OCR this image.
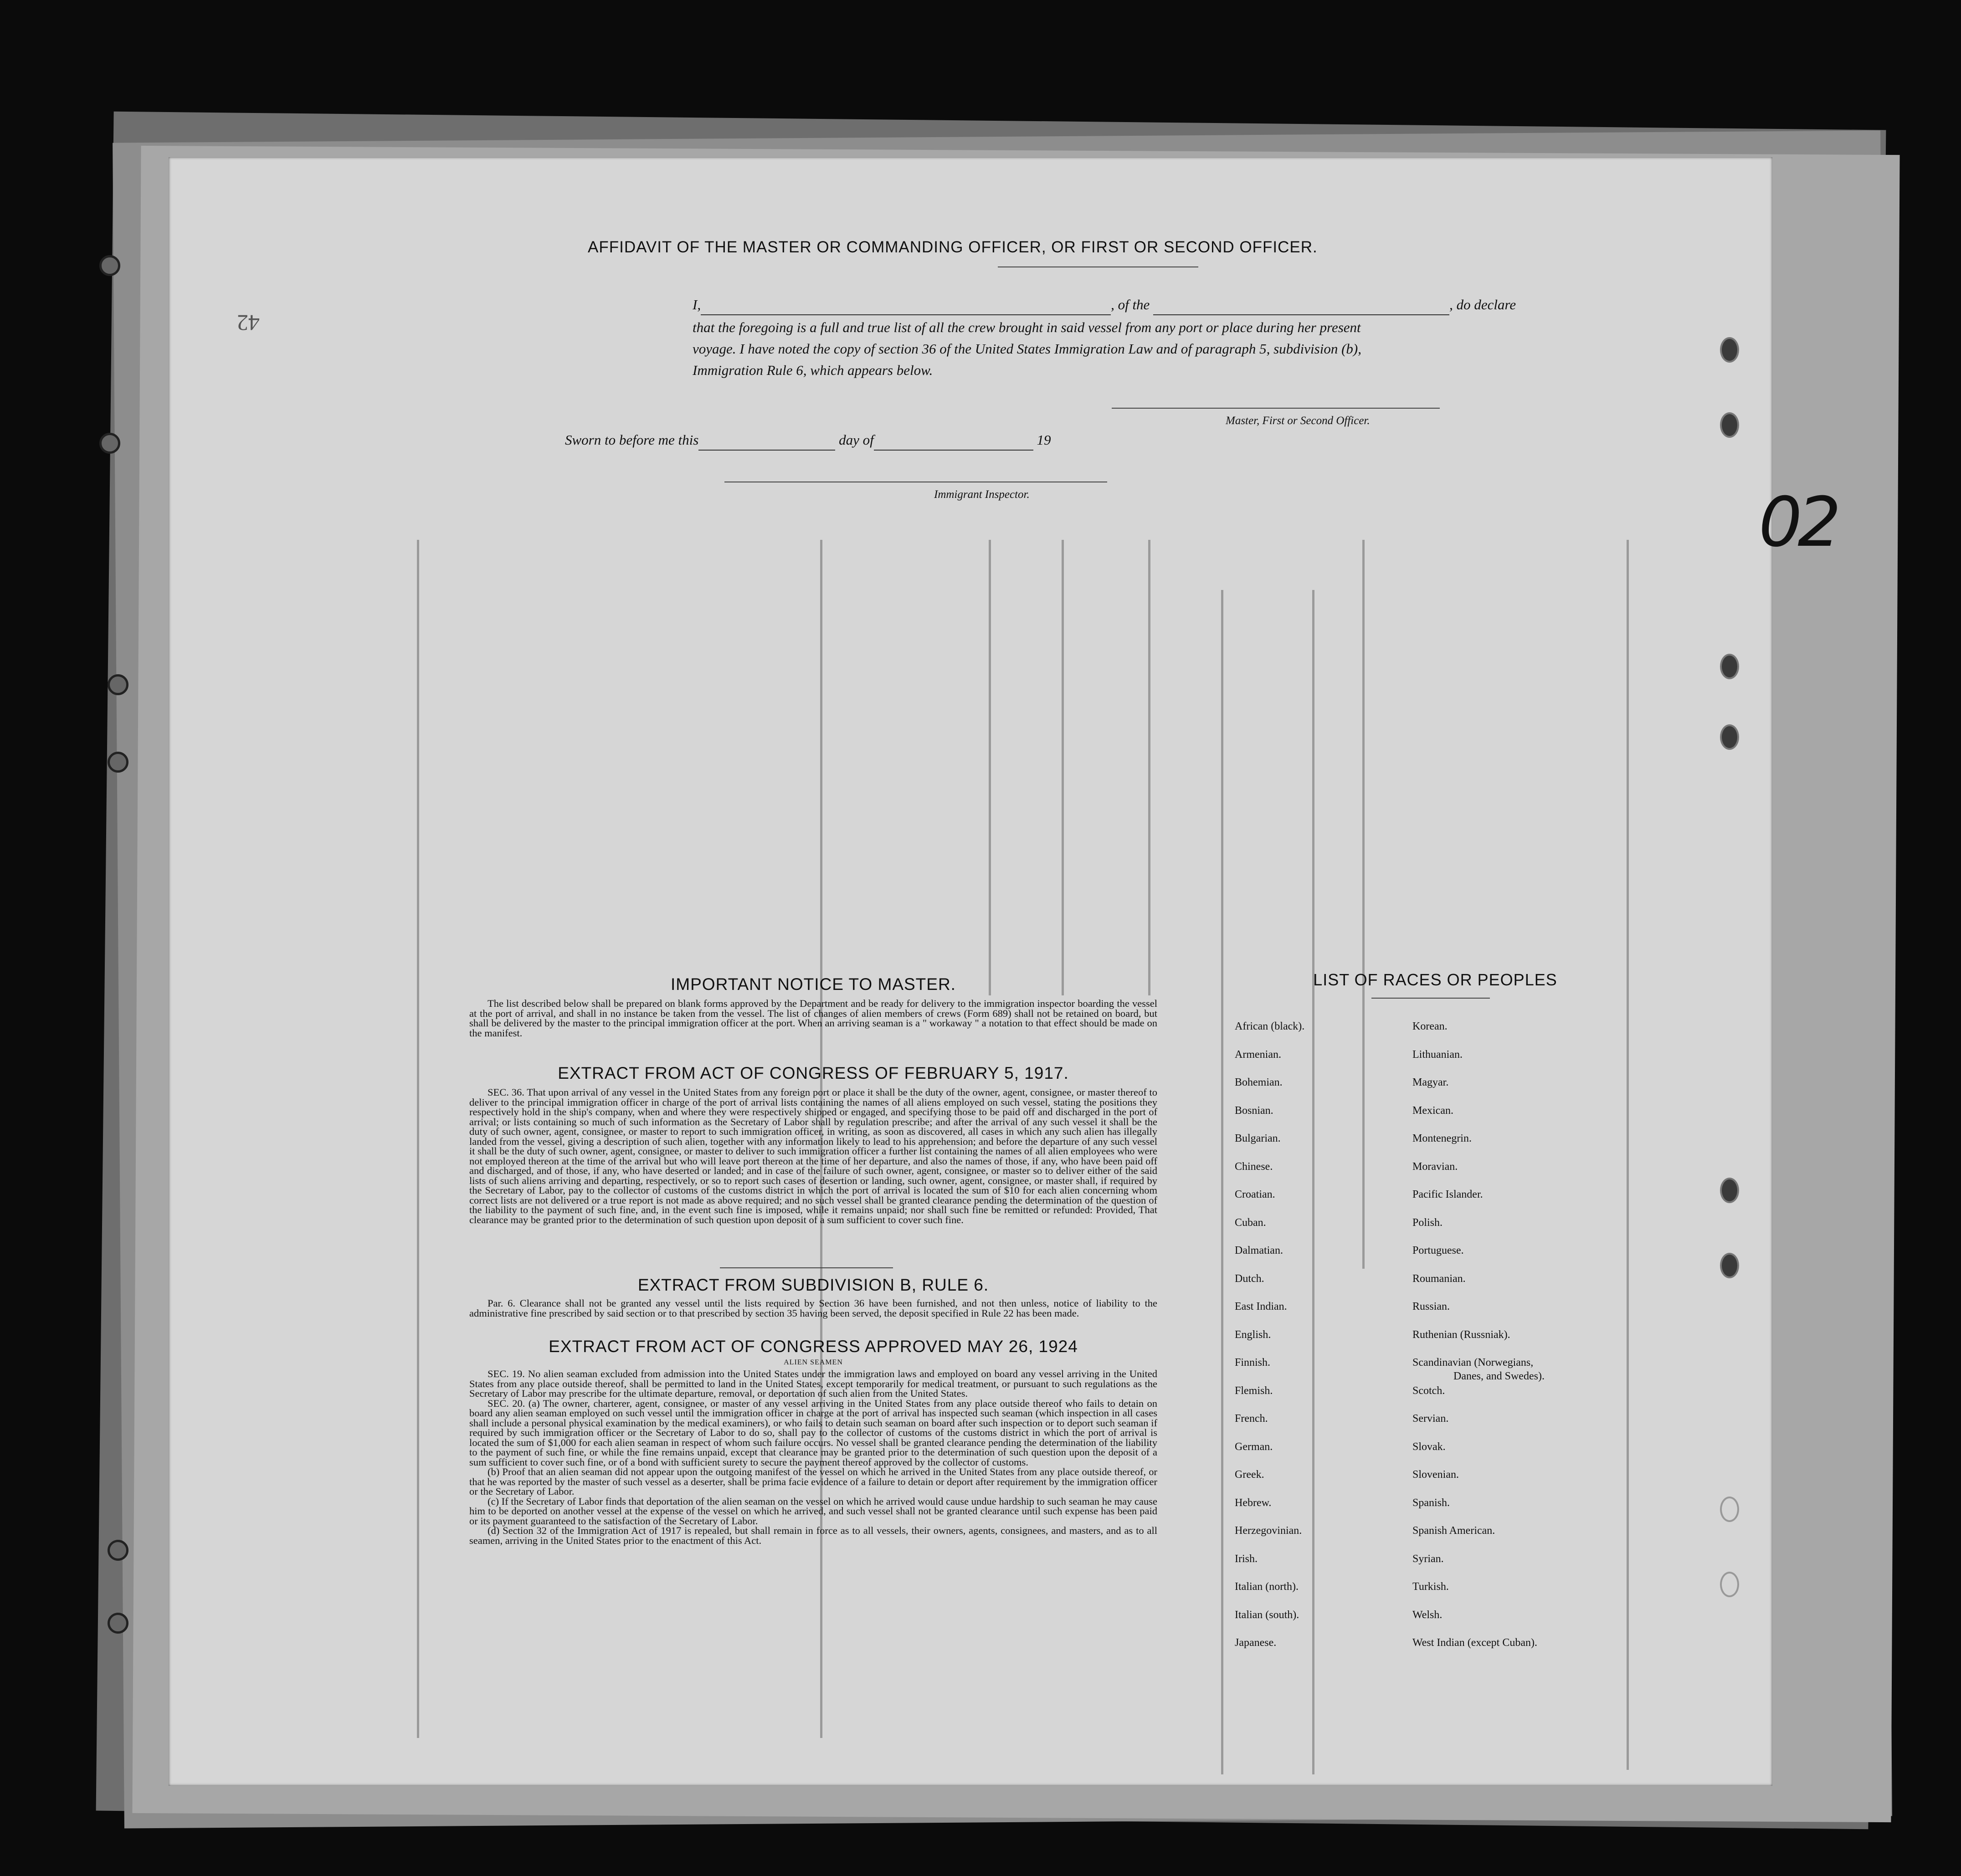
42
AFFIDAVIT OF THE MASTER OR COMMANDING OFFICER, OR FIRST OR SECOND OFFICER.
I,	, of the	, do declare
that the foregoing is a full and true list of all the crew brought in said vessel from any port or place during her present
voyage. I have noted the copy of section 36 of the United States Immigration Law and of paragraph 5, subdivision (b),
Immigration Rule 6, which appears below.
Master, First or Second Officer.
Sworn to before me this	day of	19
Immigrant Inspector.
IMPORTANT NOTICE TO MASTER.

The list described below shall be prepared on blank forms approved by the Department and be ready for delivery to the immigration inspector boarding the vessel at the port of arrival, and shall in no instance be taken from the vessel. The list of changes of alien members of crews (Form 689) shall not be retained on board, but shall be delivered by the master to the principal immigration officer at the port. When an arriving seaman is a " workaway " a notation to that effect should be made on the manifest.

EXTRACT FROM ACT OF CONGRESS OF FEBRUARY 5, 1917.

SEC. 36. That upon arrival of any vessel in the United States from any foreign port or place it shall be the duty of the owner, agent, consignee, or master thereof to deliver to the principal immigration officer in charge of the port of arrival lists containing the names of all aliens employed on such vessel, stating the positions they respectively hold in the ship's company, when and where they were respectively shipped or engaged, and specifying those to be paid off and discharged in the port of arrival; or lists containing so much of such information as the Secretary of Labor shall by regulation prescribe; and after the arrival of any such vessel it shall be the duty of such owner, agent, consignee, or master to report to such immigration officer, in writing, as soon as discovered, all cases in which any such alien has illegally landed from the vessel, giving a description of such alien, together with any information likely to lead to his apprehension; and before the departure of any such vessel it shall be the duty of such owner, agent, consignee, or master to deliver to such immigration officer a further list containing the names of all alien employees who were not employed thereon at the time of the arrival but who will leave port thereon at the time of her departure, and also the names of those, if any, who have been paid off and discharged, and of those, if any, who have deserted or landed; and in case of the failure of such owner, agent, consignee, or master so to deliver either of the said lists of such aliens arriving and departing, respectively, or so to report such cases of desertion or landing, such owner, agent, consignee, or master shall, if required by the Secretary of Labor, pay to the collector of customs of the customs district in which the port of arrival is located the sum of $10 for each alien concerning whom correct lists are not delivered or a true report is not made as above required; and no such vessel shall be granted clearance pending the determination of the question of the liability to the payment of such fine, and, in the event such fine is imposed, while it remains unpaid; nor shall such fine be remitted or refunded: Provided, That clearance may be granted prior to the determination of such question upon deposit of a sum sufficient to cover such fine.

EXTRACT FROM SUBDIVISION B, RULE 6.

Par. 6. Clearance shall not be granted any vessel until the lists required by Section 36 have been furnished, and not then unless, notice of liability to the administrative fine prescribed by said section or to that prescribed by section 35 having been served, the deposit specified in Rule 22 has been made.

EXTRACT FROM ACT OF CONGRESS APPROVED MAY 26, 1924
ALIEN SEAMEN

SEC. 19. No alien seaman excluded from admission into the United States under the immigration laws and employed on board any vessel arriving in the United States from any place outside thereof, shall be permitted to land in the United States, except temporarily for medical treatment, or pursuant to such regulations as the Secretary of Labor may prescribe for the ultimate departure, removal, or deportation of such alien from the United States.

SEC. 20. (a) The owner, charterer, agent, consignee, or master of any vessel arriving in the United States from any place outside thereof who fails to detain on board any alien seaman employed on such vessel until the immigration officer in charge at the port of arrival has inspected such seaman (which inspection in all cases shall include a personal physical examination by the medical examiners), or who fails to detain such seaman on board after such inspection or to deport such seaman if required by such immigration officer or the Secretary of Labor to do so, shall pay to the collector of customs of the customs district in which the port of arrival is located the sum of $1,000 for each alien seaman in respect of whom such failure occurs. No vessel shall be granted clearance pending the determination of the liability to the payment of such fine, or while the fine remains unpaid, except that clearance may be granted prior to the determination of such question upon the deposit of a sum sufficient to cover such fine, or of a bond with sufficient surety to secure the payment thereof approved by the collector of customs.

(b) Proof that an alien seaman did not appear upon the outgoing manifest of the vessel on which he arrived in the United States from any place outside thereof, or that he was reported by the master of such vessel as a deserter, shall be prima facie evidence of a failure to detain or deport after requirement by the immigration officer or the Secretary of Labor.

(c) If the Secretary of Labor finds that deportation of the alien seaman on the vessel on which he arrived would cause undue hardship to such seaman he may cause him to be deported on another vessel at the expense of the vessel on which he arrived, and such vessel shall not be granted clearance until such expense has been paid or its payment guaranteed to the satisfaction of the Secretary of Labor.

(d) Section 32 of the Immigration Act of 1917 is repealed, but shall remain in force as to all vessels, their owners, agents, consignees, and masters, and as to all seamen, arriving in the United States prior to the enactment of this Act.

LIST OF RACES OR PEOPLES
African (black).
Armenian.
Bohemian.
Bosnian.
Bulgarian.
Chinese.
Croatian.
Cuban.
Dalmatian.
Dutch.
East Indian.
English.
Finnish.
Flemish.
French.
German.
Greek.
Hebrew.
Herzegovinian.
Irish.
Italian (north).
Italian (south).
Japanese.
Korean.
Lithuanian.
Magyar.
Mexican.
Montenegrin.
Moravian.
Pacific Islander.
Polish.
Portuguese.
Roumanian.
Russian.
Ruthenian (Russniak).
Scandinavian (Norwegians,
Scotch.
Servian.
Slovak.
Slovenian.
Spanish.
Spanish American.
Syrian.
Turkish.
Welsh.
West Indian (except Cuban).
Danes, and Swedes).
02
